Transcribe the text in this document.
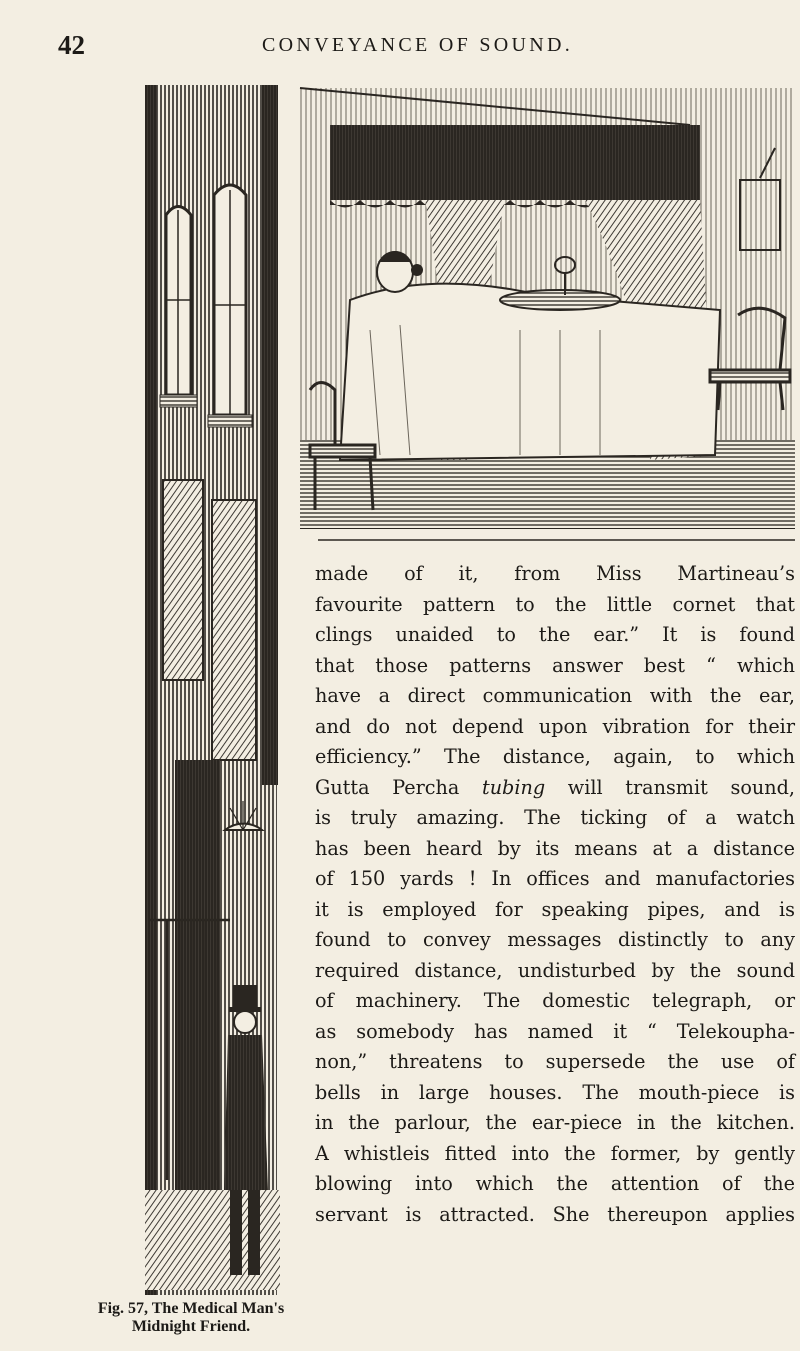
42	CONVEYANCE OF SOUND.
made of it, from Miss Martineau’s
favourite pattern to the little cornet that
clings unaided to the ear.” It is found
that those patterns answer best “ which
have a direct communication with the ear,
and do not depend upon vibration for their
efficiency.” The distance, again, to which
Gutta Percha tubing will transmit sound,
is truly amazing. The ticking of a watch
has been heard by its means at a distance
of 150 yards ! In offices and manufactories
it is employed for speaking pipes, and is
found to convey messages distinctly to any
required distance, undisturbed by the sound
of machinery. The domestic telegraph, or
as somebody has named it “ Telekoupha-
non,” threatens to supersede the use of
bells in large houses. The mouth-piece is
in the parlour, the ear-piece in the kitchen.
A whistleis fitted into the former, by gently
blowing into which the attention of the
servant is attracted. She thereupon applies
Fig. 57, The Medical Man's
Midnight Friend.
